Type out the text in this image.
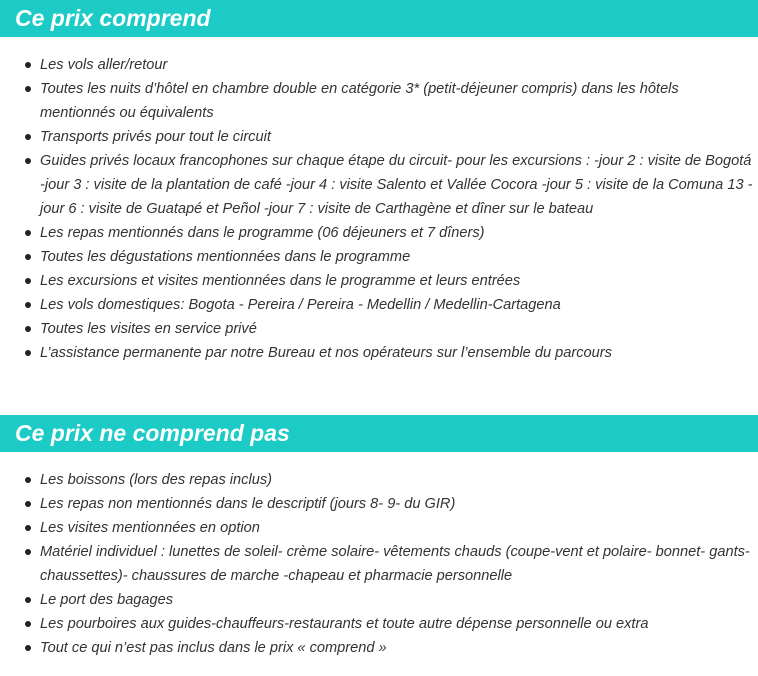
Ce prix comprend
Les vols aller/retour
Toutes les nuits d’hôtel en chambre double en catégorie 3* (petit-déjeuner compris) dans les hôtels mentionnés ou équivalents
Transports privés pour tout le circuit
Guides privés locaux francophones sur chaque étape du circuit- pour les excursions : -jour 2 : visite de Bogotá -jour 3 : visite de la plantation de café -jour 4 : visite Salento et Vallée Cocora -jour 5 : visite de la Comuna 13 -jour 6 : visite de Guatapé et Peñol -jour 7 : visite de Carthagène et dîner sur le bateau
Les repas mentionnés dans le programme (06 déjeuners et 7 dîners)
Toutes les dégustations mentionnées dans le programme
Les excursions et visites mentionnées dans le programme et leurs entrées
Les vols domestiques: Bogota - Pereira / Pereira - Medellin / Medellin-Cartagena
Toutes les visites en service privé
L’assistance permanente par notre Bureau et nos opérateurs sur l’ensemble du parcours
Ce prix ne comprend pas
Les boissons (lors des repas inclus)
Les repas non mentionnés dans le descriptif (jours 8- 9- du GIR)
Les visites mentionnées en option
Matériel individuel : lunettes de soleil- crème solaire- vêtements chauds (coupe-vent et polaire- bonnet- gants- chaussettes)- chaussures de marche -chapeau et pharmacie personnelle
Le port des bagages
Les pourboires aux guides-chauffeurs-restaurants et toute autre dépense personnelle ou extra
Tout ce qui n’est pas inclus dans le prix « comprend »
